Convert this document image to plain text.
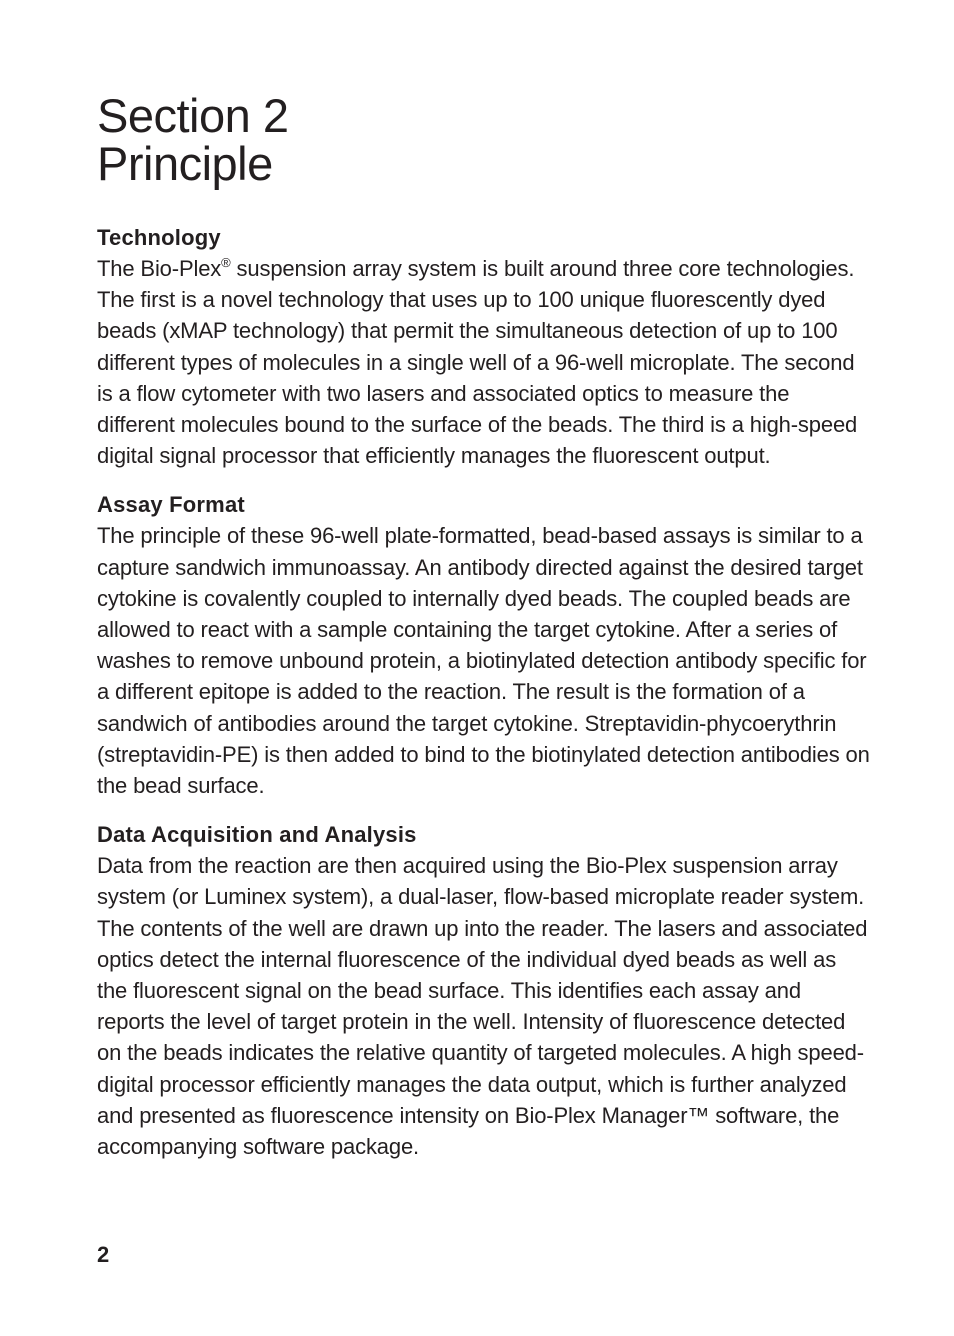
Section 2
Principle
Technology

The Bio-Plex® suspension array system is built around three core technologies. The first is a novel technology that uses up to 100 unique fluorescently dyed beads (xMAP technology) that permit the simultaneous detection of up to 100 different types of molecules in a single well of a 96-well microplate. The second is a flow cytometer with two lasers and associated optics to measure the different molecules bound to the surface of the beads. The third is a high-speed digital signal processor that efficiently manages the fluorescent output.

Assay Format

The principle of these 96-well plate-formatted, bead-based assays is similar to a capture sandwich immunoassay. An antibody directed against the desired target cytokine is covalently coupled to internally dyed beads. The coupled beads are allowed to react with a sample containing the target cytokine. After a series of washes to remove unbound protein, a biotinylated detection antibody specific for a different epitope is added to the reaction. The result is the formation of a sandwich of antibodies around the target cytokine. Streptavidin-phycoerythrin (streptavidin-PE) is then added to bind to the biotinylated detection antibodies on the bead surface.

Data Acquisition and Analysis

Data from the reaction are then acquired using the Bio-Plex suspension array system (or Luminex system), a dual-laser, flow-based microplate reader system. The contents of the well are drawn up into the reader. The lasers and associated optics detect the internal fluorescence of the individual dyed beads as well as the fluorescent signal on the bead surface. This identifies each assay and reports the level of target protein in the well. Intensity of fluorescence detected on the beads indicates the relative quantity of targeted molecules. A high speed-digital processor efficiently manages the data output, which is further analyzed and presented as fluorescence intensity on Bio-Plex Manager™ software, the accompanying software package.

2
